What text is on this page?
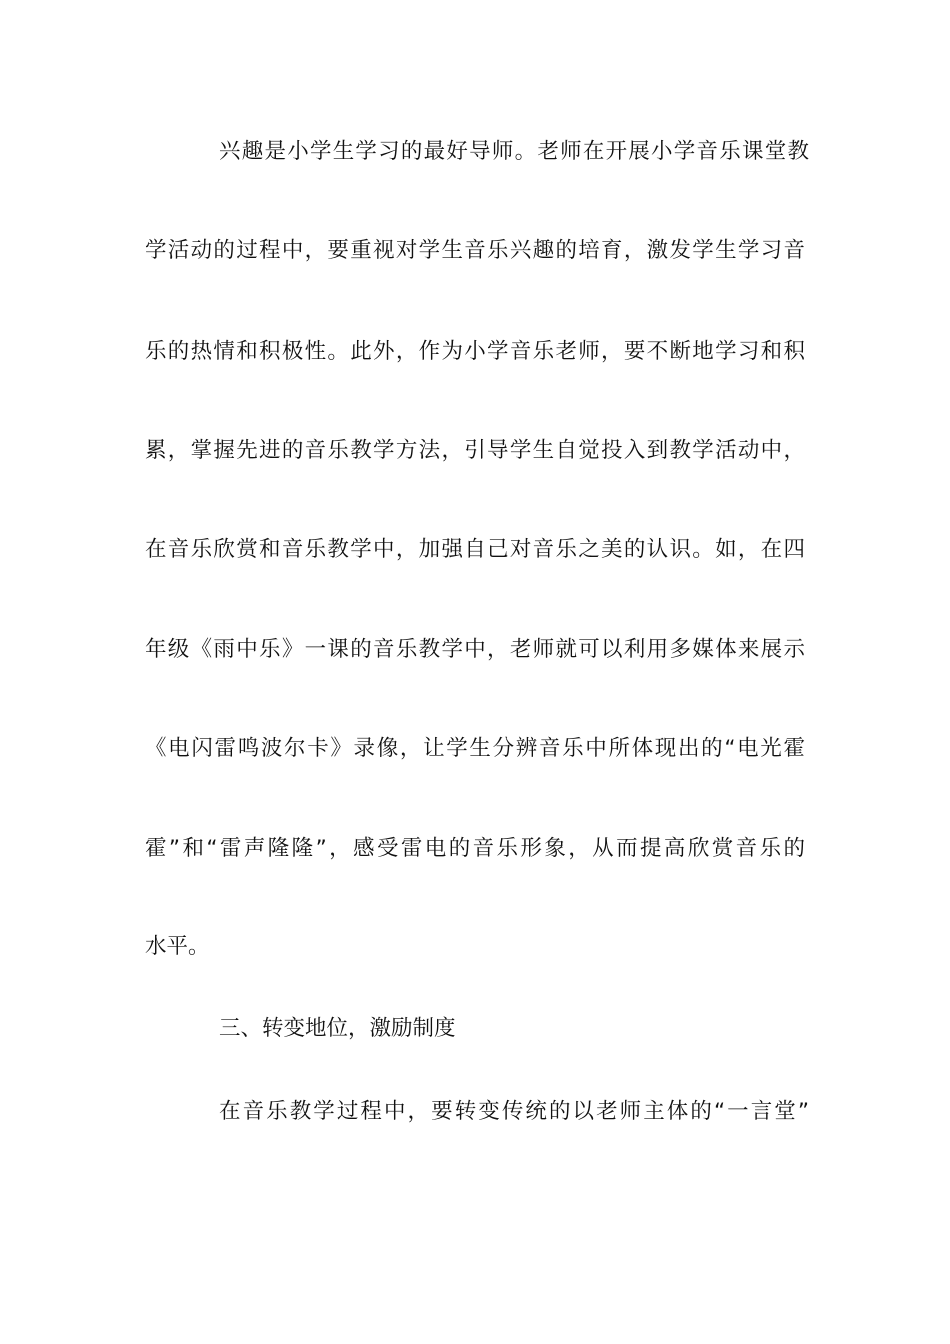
兴趣是小学生学习的最好导师。老师在开展小学音乐课堂教
学活动的过程中，要重视对学生音乐兴趣的培育，激发学生学习音
乐的热情和积极性。此外，作为小学音乐老师，要不断地学习和积
累，掌握先进的音乐教学方法，引导学生自觉投入到教学活动中，
在音乐欣赏和音乐教学中，加强自己对音乐之美的认识。如，在四
年级《雨中乐》一课的音乐教学中，老师就可以利用多媒体来展示
《电闪雷鸣波尔卡》录像，让学生分辨音乐中所体现出的“电光霍
霍”和“雷声隆隆”，感受雷电的音乐形象，从而提高欣赏音乐的
水平。
三、转变地位，激励制度
在音乐教学过程中，要转变传统的以老师主体的“一言堂”
